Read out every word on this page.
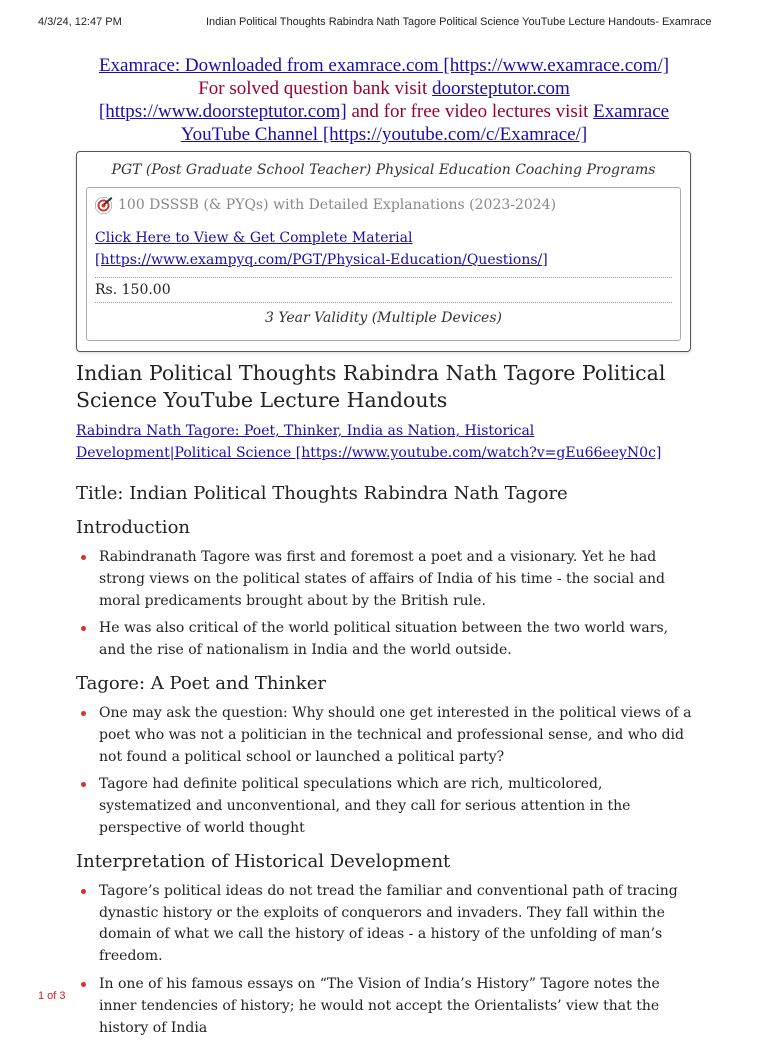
4/3/24, 12:47 PM	Indian Political Thoughts Rabindra Nath Tagore Political Science YouTube Lecture Handouts- Examrace
Examrace: Downloaded from examrace.com [https://www.examrace.com/]
For solved question bank visit doorsteptutor.com [https://www.doorsteptutor.com] and for free video lectures visit Examrace YouTube Channel [https://youtube.com/c/Examrace/]
PGT (Post Graduate School Teacher) Physical Education Coaching Programs
100 DSSSB (& PYQs) with Detailed Explanations (2023-2024)
Click Here to View & Get Complete Material [https://www.exampyq.com/PGT/Physical-Education/Questions/]
Rs. 150.00
3 Year Validity (Multiple Devices)
Indian Political Thoughts Rabindra Nath Tagore Political Science YouTube Lecture Handouts
Rabindra Nath Tagore: Poet, Thinker, India as Nation, Historical Development|Political Science [https://www.youtube.com/watch?v=gEu66eeyN0c]
Title: Indian Political Thoughts Rabindra Nath Tagore
Introduction
Rabindranath Tagore was first and foremost a poet and a visionary. Yet he had strong views on the political states of affairs of India of his time - the social and moral predicaments brought about by the British rule.
He was also critical of the world political situation between the two world wars, and the rise of nationalism in India and the world outside.
Tagore: A Poet and Thinker
One may ask the question: Why should one get interested in the political views of a poet who was not a politician in the technical and professional sense, and who did not found a political school or launched a political party?
Tagore had definite political speculations which are rich, multicolored, systematized and unconventional, and they call for serious attention in the perspective of world thought
Interpretation of Historical Development
Tagore’s political ideas do not tread the familiar and conventional path of tracing dynastic history or the exploits of conquerors and invaders. They fall within the domain of what we call the history of ideas - a history of the unfolding of man’s freedom.
In one of his famous essays on “The Vision of India’s History” Tagore notes the inner tendencies of history; he would not accept the Orientalists’ view that the history of India
1 of 3
